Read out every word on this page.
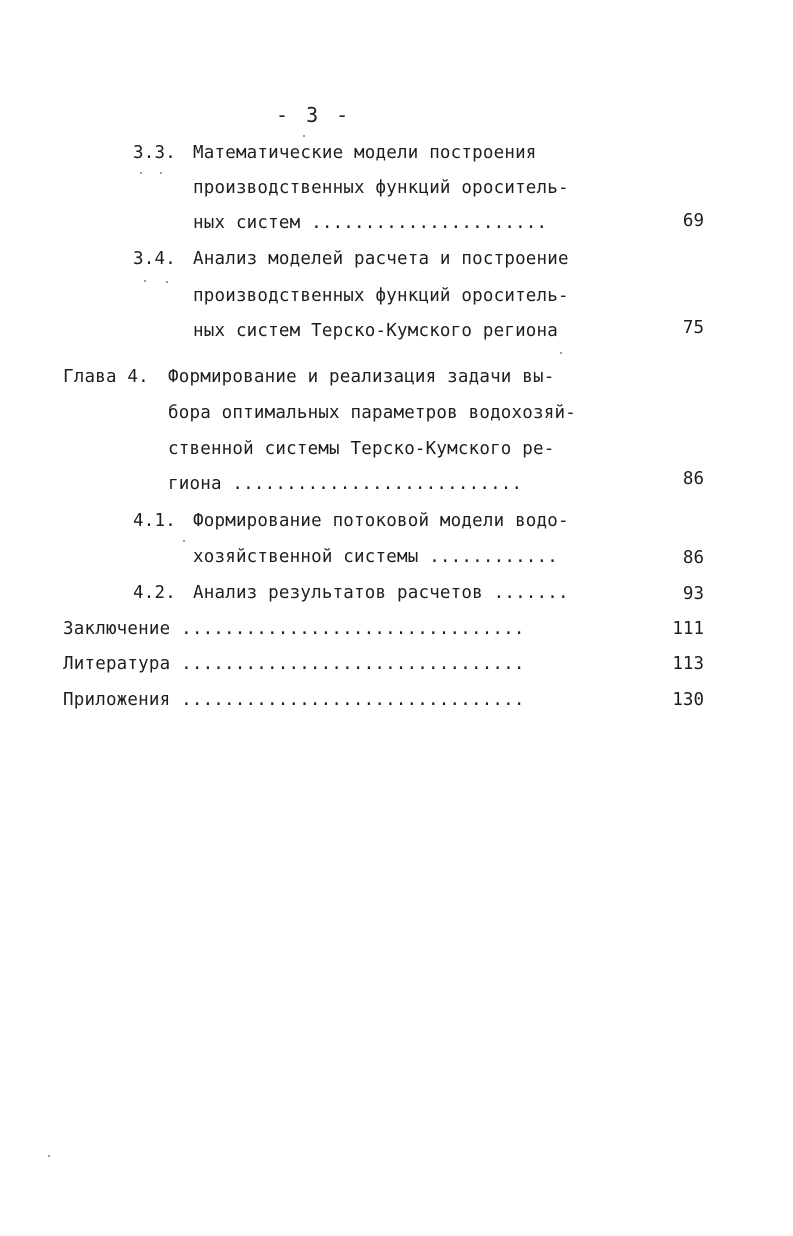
- 3 -
3.3. Математические модели построения
производственных функций ороситель-
ных систем ......................	69
3.4. Анализ моделей расчета и построение
производственных функций ороситель-
ных систем Терско-Кумского региона	75
Глава 4. Формирование и реализация задачи вы-
бора оптимальных параметров водохозяй-
ственной системы Терско-Кумского ре-
гиона ...........................	86
4.1. Формирование потоковой модели водо-
хозяйственной системы ............	86
4.2. Анализ результатов расчетов .......	93
Заключение ................................	111
Литература ................................	113
Приложения ................................	130
